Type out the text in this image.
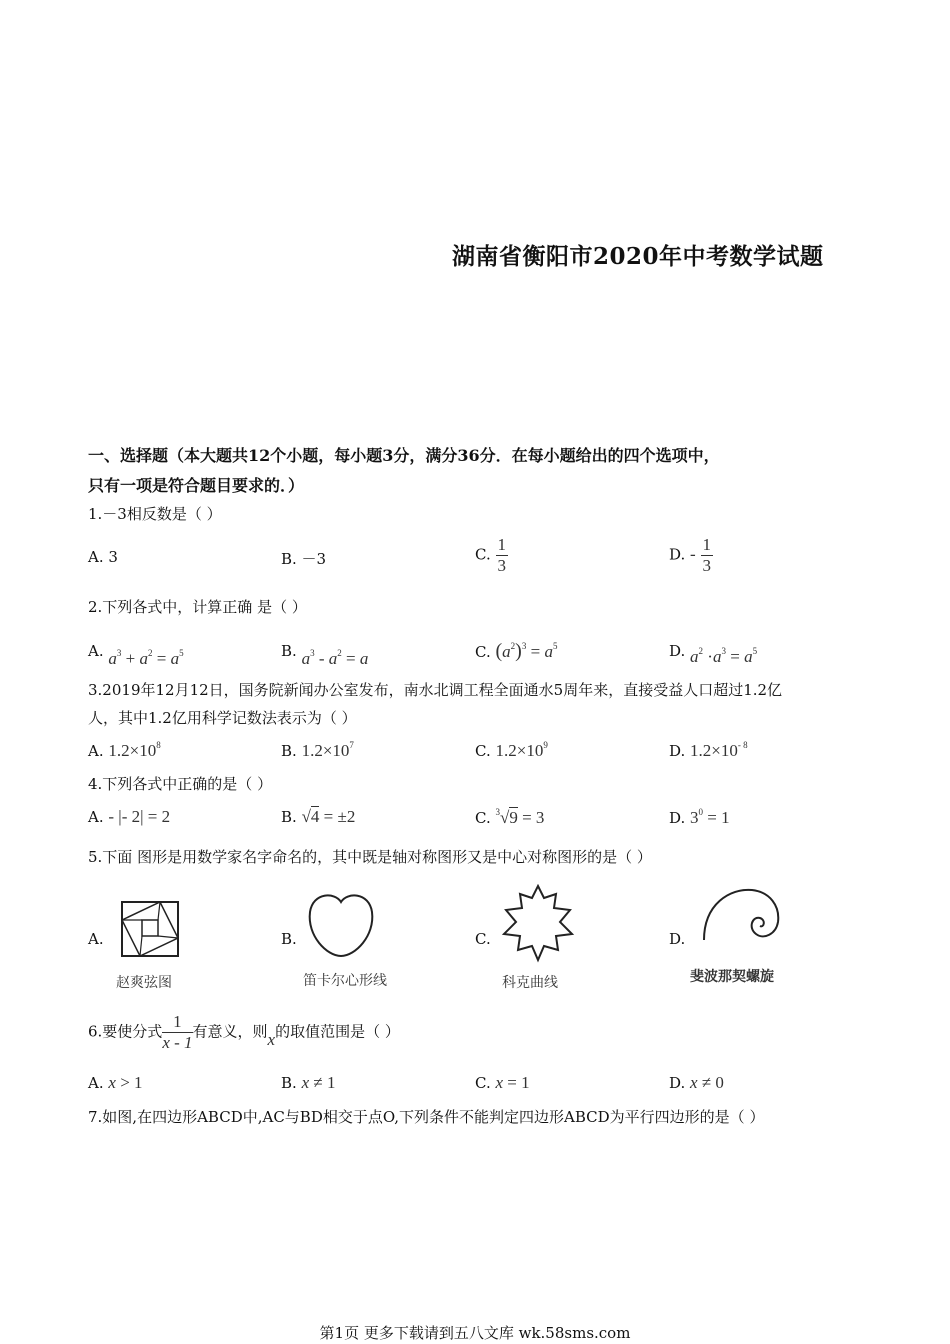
湖南省衡阳市2020年中考数学试题
一、选择题（本大题共12个小题，每小题3分，满分36分．在每小题给出的四个选项中，
只有一项是符合题目要求的．）
1.－3相反数是（ ）
A. 3	B. －3	C. $\frac{1}{3}$	D. - $\frac{1}{3}$
2.下列各式中，计算正确 是（ ）
A. $a^3 + a^2 = a^5$	B. $a^3 - a^2 = a$	C. $(a^2)^3 = a^5$	D. $a^2 \cdot a^3 = a^5$
3.2019年12月12日，国务院新闻办公室发布，南水北调工程全面通水5周年来，直接受益人口超过1.2亿
人，其中1.2亿用科学记数法表示为（ ）
A. $1.2\times 10^8$	B. $1.2\times 10^7$	C. $1.2\times 10^9$	D. $1.2\times 10^{- 8}$
4.下列各式中正确的是（ ）
A. - |- 2| = 2	B. √4 = ±2	C. $^3$√9 = 3	D. $3^0 = 1$
5.下面 图形是用数学家名字命名的，其中既是轴对称图形又是中心对称图形的是（ ）
A.
赵爽弦图
B.
笛卡尔心形线
C.
科克曲线
D.
斐波那契螺旋
6.要使分式 $\frac{1}{x - 1}$ 有意义，则x的取值范围是（ ）
A. x > 1	B. x ≠ 1	C. x = 1	D. x ≠ 0
7.如图,在四边形ABCD中,AC与BD相交于点O,下列条件不能判定四边形ABCD为平行四边形的是（ ）
第1页 更多下载请到五八文库 wk.58sms.com
